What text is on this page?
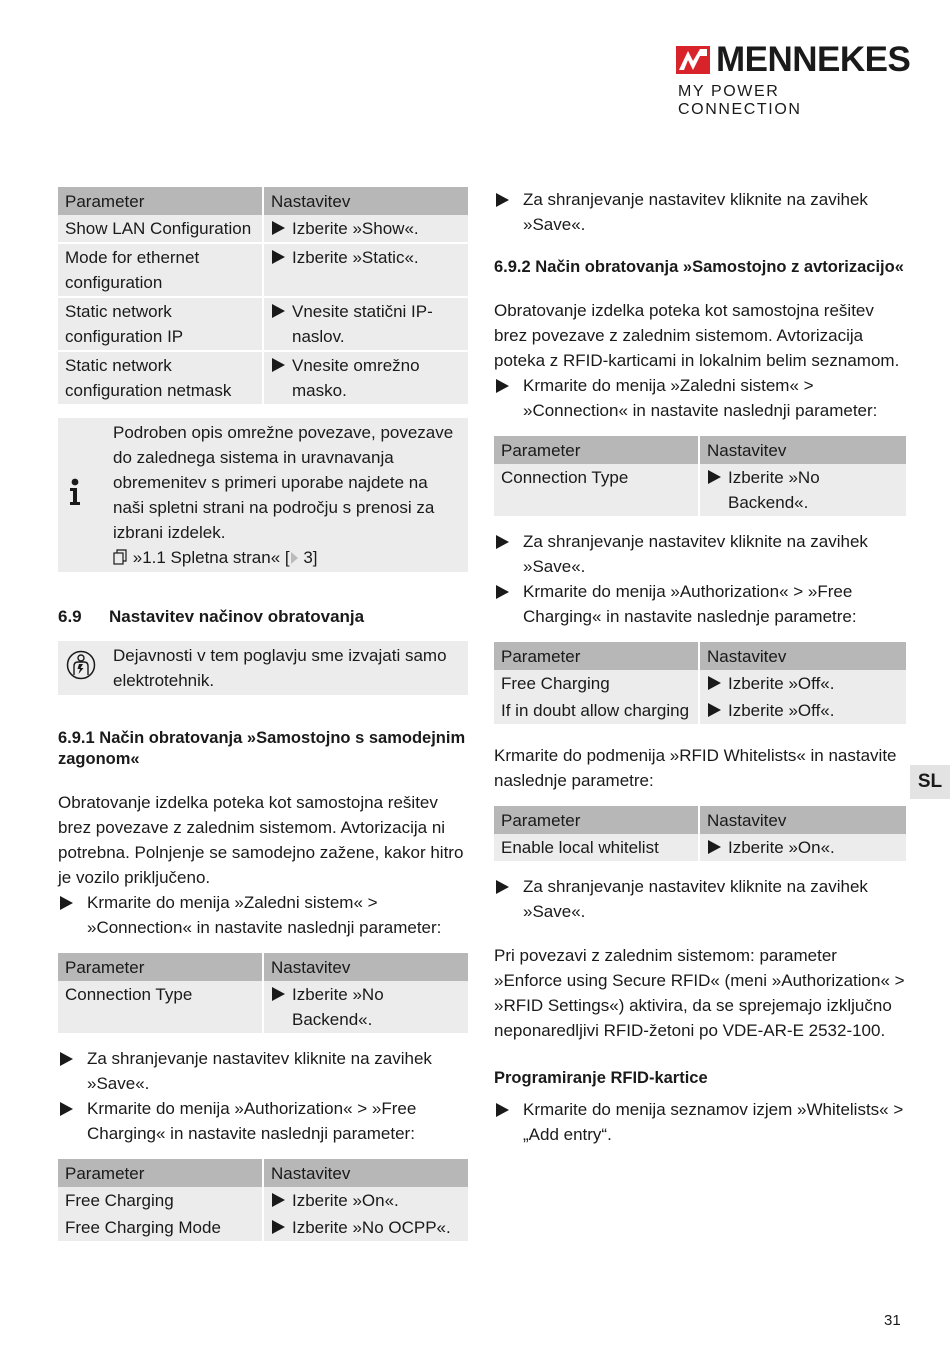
MENNEKES
MY POWER CONNECTION
Parameter	Nastavitev
Show LAN Configuration	Izberite »Show«.
Mode for ethernet configuration	Izberite »Static«.
Static network configuration IP	Vnesite statični IP-naslov.
Static network configuration netmask	Vnesite omrežno masko.

Podroben opis omrežne povezave, povezave do zalednega sistema in uravnavanja obremenitev s primeri uporabe najdete na naši spletni strani na področju s prenosi za izbrani izdelek.

»1.1 Spletna stran« [ 3]

6.9 Nastavitev načinov obratovanja

Dejavnosti v tem poglavju sme izvajati samo elektrotehnik.

6.9.1 Način obratovanja »Samostojno s samodejnim zagonom«

Obratovanje izdelka poteka kot samostojna rešitev brez povezave z zalednim sistemom. Avtorizacija ni potrebna. Polnjenje se samodejno zažene, kakor hitro je vozilo priključeno.

Krmarite do menija »Zaledni sistem« > »Connection« in nastavite naslednji parameter:
Parameter	Nastavitev
Connection Type	Izberite »No Backend«.
Za shranjevanje nastavitev kliknite na zavihek »Save«.
Krmarite do menija »Authorization« > »Free Charging« in nastavite naslednji parameter:
Parameter	Nastavitev
Free Charging	Izberite »On«.
Free Charging Mode	Izberite »No OCPP«.
Za shranjevanje nastavitev kliknite na zavihek »Save«.
6.9.2 Način obratovanja »Samostojno z avtorizacijo«

Obratovanje izdelka poteka kot samostojna rešitev brez povezave z zalednim sistemom. Avtorizacija poteka z RFID-karticami in lokalnim belim seznamom.

Krmarite do menija »Zaledni sistem« > »Connection« in nastavite naslednji parameter:
Parameter	Nastavitev
Connection Type	Izberite »No Backend«.
Za shranjevanje nastavitev kliknite na zavihek »Save«.
Krmarite do menija »Authorization« > »Free Charging« in nastavite naslednje parametre:
Parameter	Nastavitev
Free Charging	Izberite »Off«.
If in doubt allow charging	Izberite »Off«.

Krmarite do podmenija »RFID Whitelists« in nastavite naslednje parametre:

Parameter	Nastavitev
Enable local whitelist	Izberite »On«.
Za shranjevanje nastavitev kliknite na zavihek »Save«.

Pri povezavi z zalednim sistemom: parameter »Enforce using Secure RFID« (meni »Authorization« > »RFID Settings«) aktivira, da se sprejemajo izključno neponaredljivi RFID-žetoni po VDE-AR-E 2532-100.

Programiranje RFID-kartice
Krmarite do menija seznamov izjem »Whitelists« > „Add entry“.
SL
31
